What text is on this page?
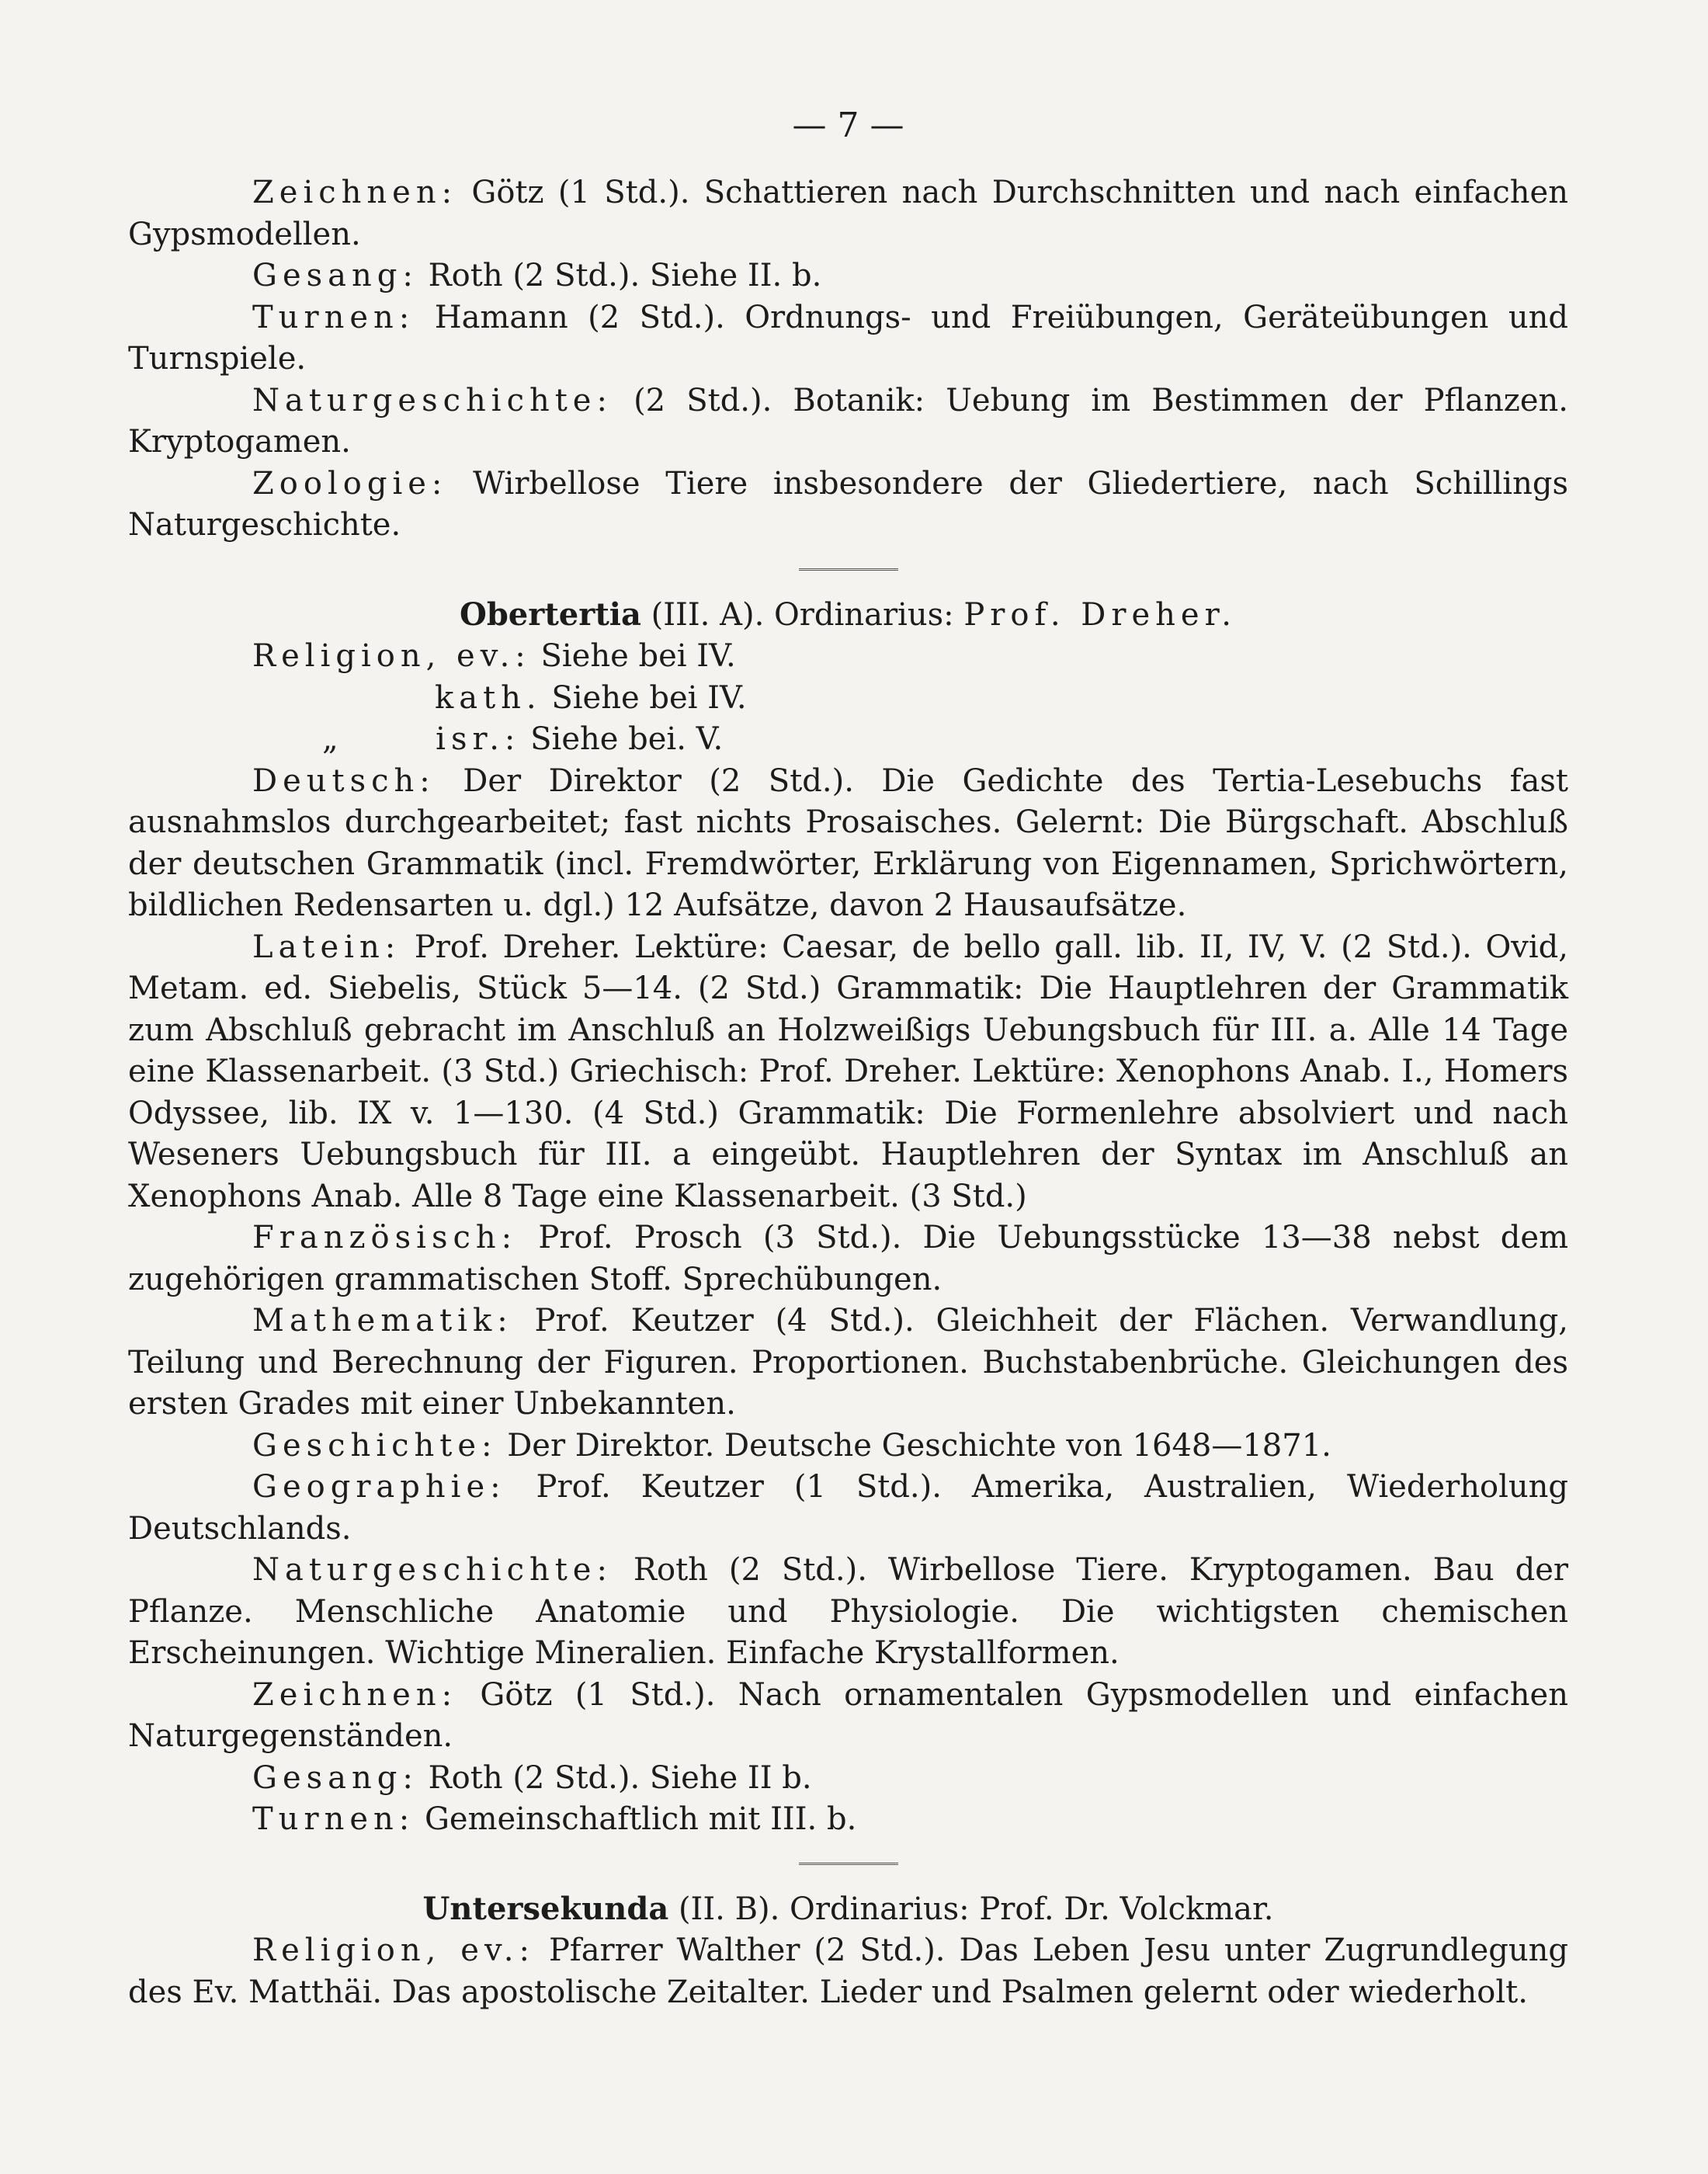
— 7 —

Zeichnen: Götz (1 Std.). Schattieren nach Durchschnitten und nach einfachen Gypsmodellen.

Gesang: Roth (2 Std.). Siehe II. b.

Turnen: Hamann (2 Std.). Ordnungs- und Freiübungen, Geräteübungen und Turnspiele.

Naturgeschichte: (2 Std.). Botanik: Uebung im Bestimmen der Pflanzen. Kryptogamen.

Zoologie: Wirbellose Tiere insbesondere der Gliedertiere, nach Schillings Naturgeschichte.

Obertertia (III. A). Ordinarius: Prof. Dreher.

Religion, ev.: Siehe bei IV.

kath. Siehe bei IV.

„	isr.: Siehe bei. V.

Deutsch: Der Direktor (2 Std.). Die Gedichte des Tertia-Lesebuchs fast ausnahmslos durchgearbeitet; fast nichts Prosaisches. Gelernt: Die Bürgschaft. Abschluß der deutschen Grammatik (incl. Fremdwörter, Erklärung von Eigennamen, Sprichwörtern, bildlichen Redensarten u. dgl.) 12 Aufsätze, davon 2 Hausaufsätze.

Latein: Prof. Dreher. Lektüre: Caesar, de bello gall. lib. II, IV, V. (2 Std.). Ovid, Metam. ed. Siebelis, Stück 5—14. (2 Std.) Grammatik: Die Hauptlehren der Grammatik zum Abschluß gebracht im Anschluß an Holzweißigs Uebungsbuch für III. a. Alle 14 Tage eine Klassenarbeit. (3 Std.) Griechisch: Prof. Dreher. Lektüre: Xenophons Anab. I., Homers Odyssee, lib. IX v. 1—130. (4 Std.) Grammatik: Die Formenlehre absolviert und nach Weseners Uebungsbuch für III. a eingeübt. Hauptlehren der Syntax im Anschluß an Xenophons Anab. Alle 8 Tage eine Klassenarbeit. (3 Std.)

Französisch: Prof. Prosch (3 Std.). Die Uebungsstücke 13—38 nebst dem zugehörigen grammatischen Stoff. Sprechübungen.

Mathematik: Prof. Keutzer (4 Std.). Gleichheit der Flächen. Verwandlung, Teilung und Berechnung der Figuren. Proportionen. Buchstabenbrüche. Gleichungen des ersten Grades mit einer Unbekannten.

Geschichte: Der Direktor. Deutsche Geschichte von 1648—1871.

Geographie: Prof. Keutzer (1 Std.). Amerika, Australien, Wiederholung Deutschlands.

Naturgeschichte: Roth (2 Std.). Wirbellose Tiere. Kryptogamen. Bau der Pflanze. Menschliche Anatomie und Physiologie. Die wichtigsten chemischen Erscheinungen. Wichtige Mineralien. Einfache Krystallformen.

Zeichnen: Götz (1 Std.). Nach ornamentalen Gypsmodellen und einfachen Naturgegenständen.

Gesang: Roth (2 Std.). Siehe II b.

Turnen: Gemeinschaftlich mit III. b.

Untersekunda (II. B). Ordinarius: Prof. Dr. Volckmar.

Religion, ev.: Pfarrer Walther (2 Std.). Das Leben Jesu unter Zugrundlegung des Ev. Matthäi. Das apostolische Zeitalter. Lieder und Psalmen gelernt oder wiederholt.
